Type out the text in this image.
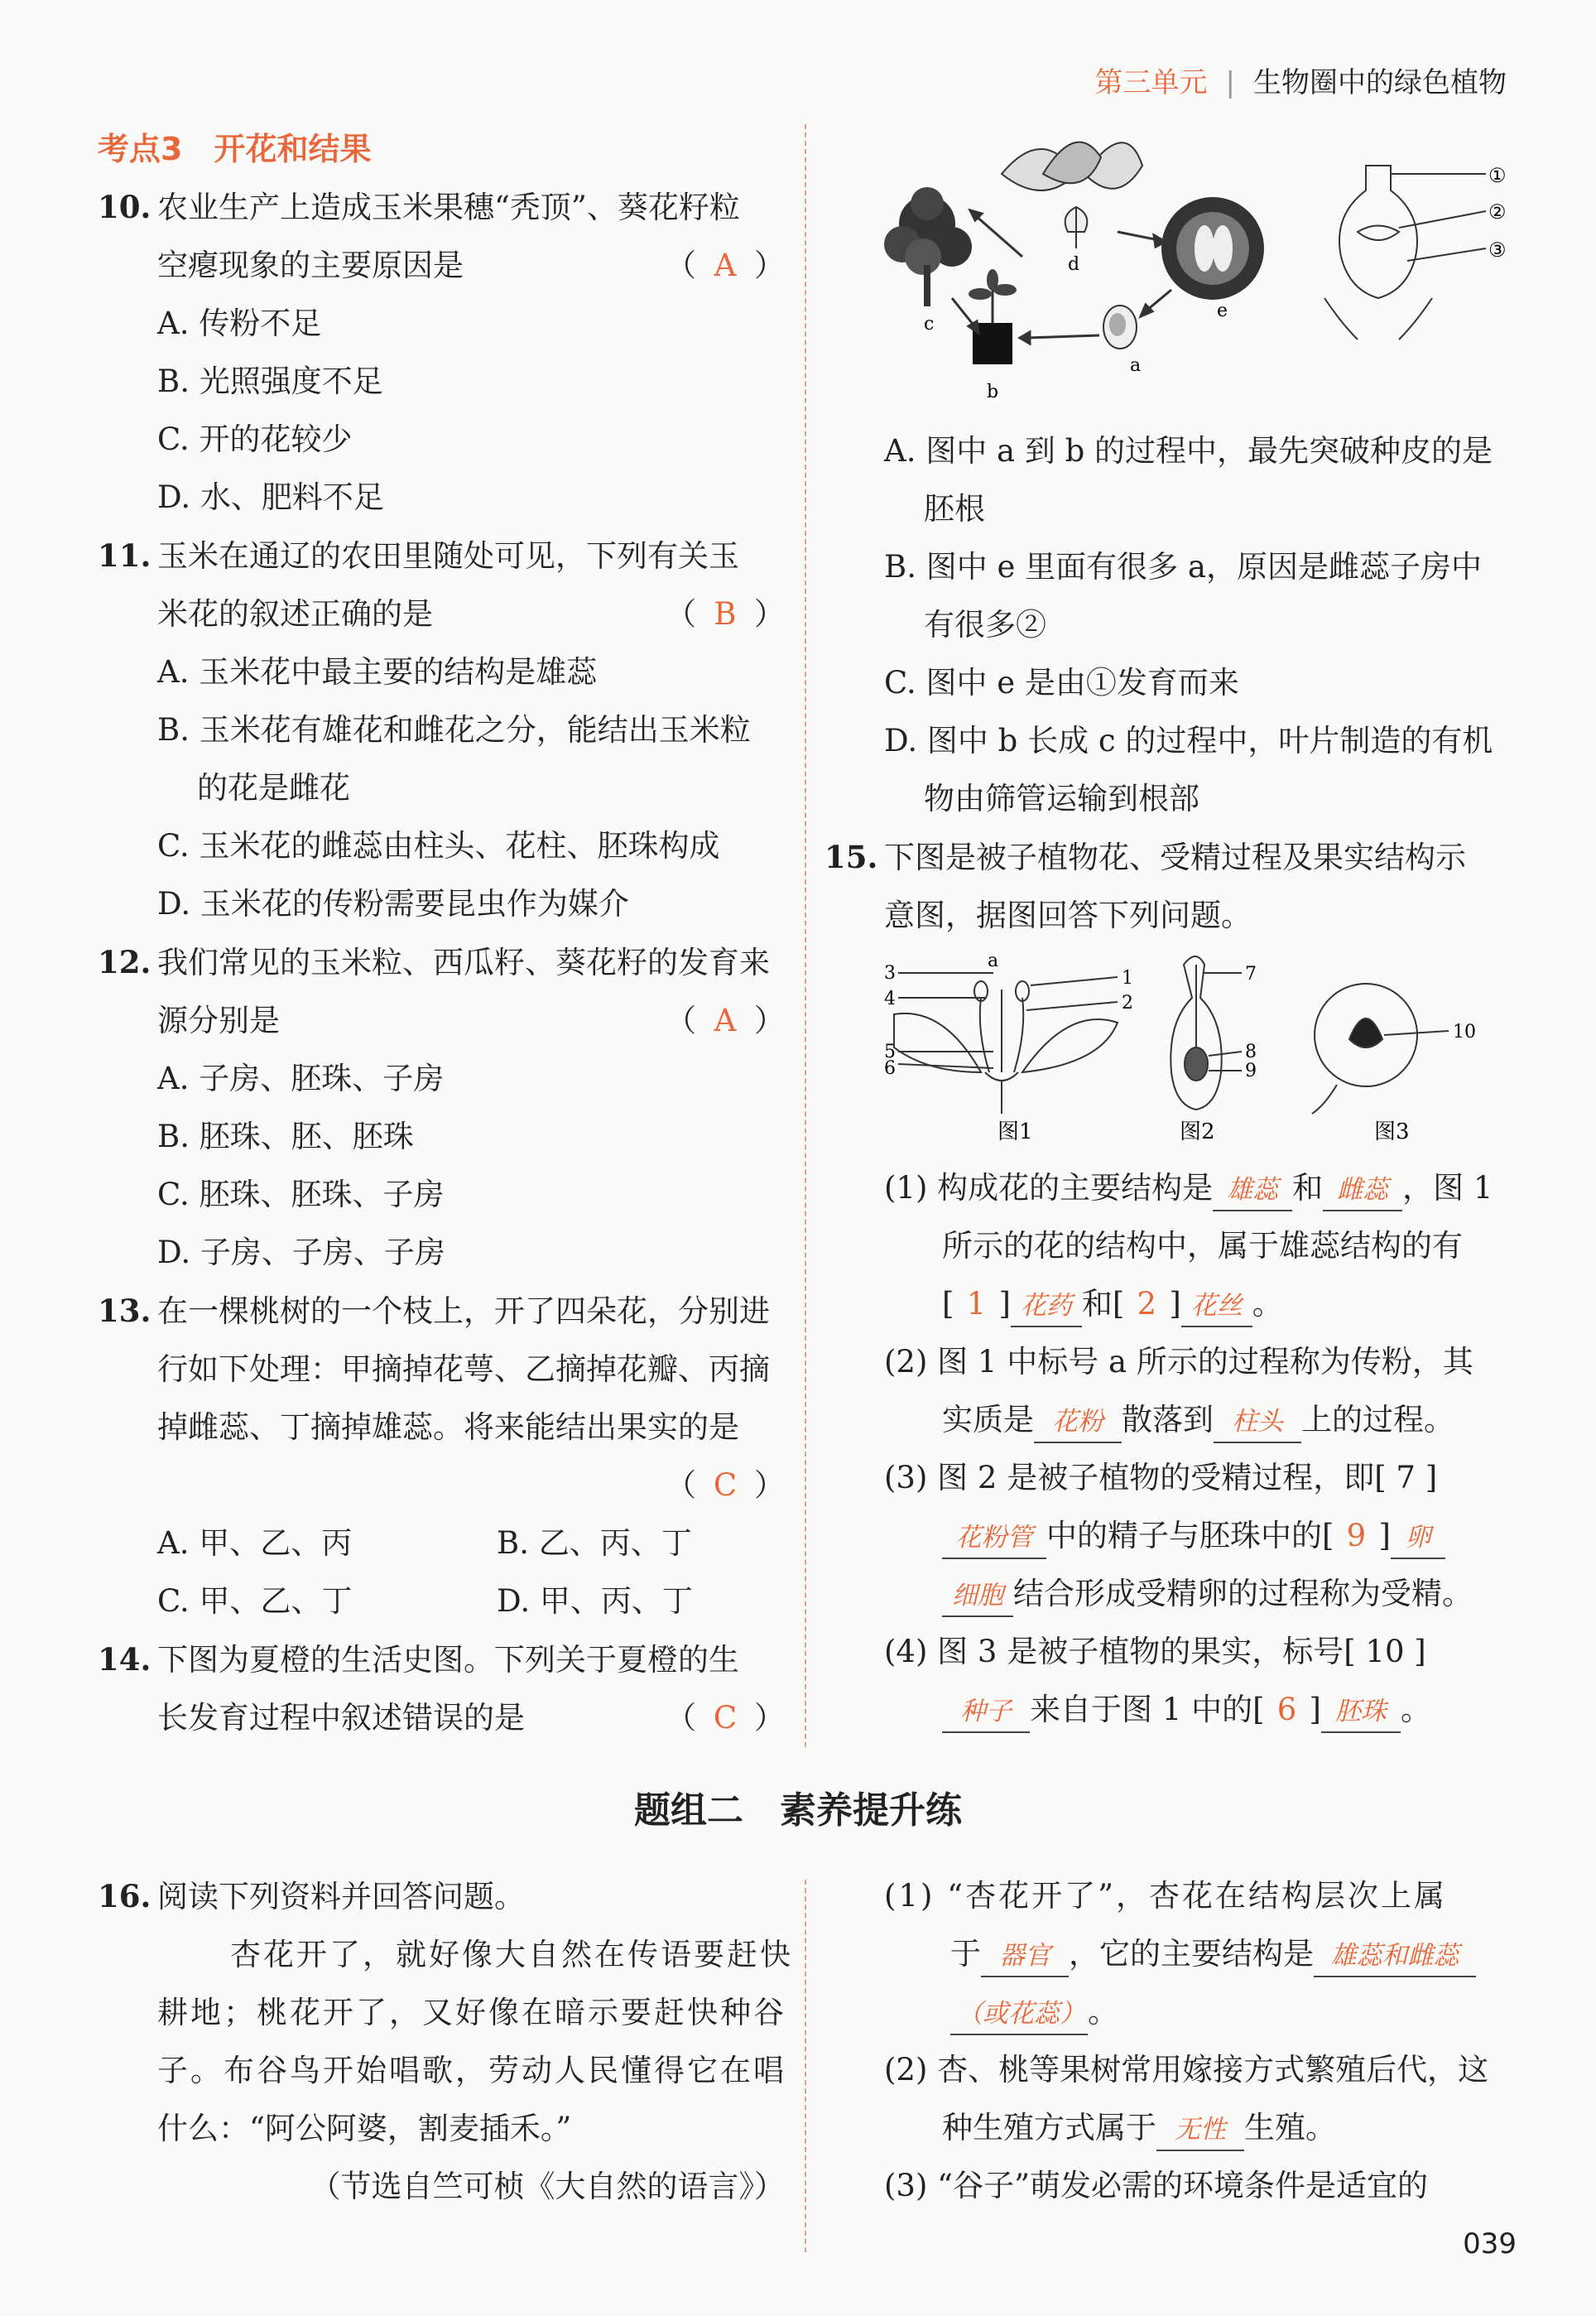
第三单元 | 生物圈中的绿色植物
考点3　开花和结果
10. 农业生产上造成玉米果穗“秃顶”、葵花籽粒
空瘪现象的主要原因是	（ A ）
A. 传粉不足
B. 光照强度不足
C. 开的花较少
D. 水、肥料不足
11. 玉米在通辽的农田里随处可见，下列有关玉
米花的叙述正确的是	（ B ）
A. 玉米花中最主要的结构是雄蕊
B. 玉米花有雄花和雌花之分，能结出玉米粒
的花是雌花
C. 玉米花的雌蕊由柱头、花柱、胚珠构成
D. 玉米花的传粉需要昆虫作为媒介
12. 我们常见的玉米粒、西瓜籽、葵花籽的发育来
源分别是	（ A ）
A. 子房、胚珠、子房
B. 胚珠、胚、胚珠
C. 胚珠、胚珠、子房
D. 子房、子房、子房
13. 在一棵桃树的一个枝上，开了四朵花，分别进
行如下处理：甲摘掉花萼、乙摘掉花瓣、丙摘
掉雌蕊、丁摘掉雄蕊。将来能结出果实的是
（ C ）

A. 甲、乙、丙	B. 乙、丙、丁
C. 甲、乙、丁	D. 甲、丙、丁
14. 下图为夏橙的生活史图。下列关于夏橙的生
长发育过程中叙述错误的是	（ C ）
c
d
b
e
a
①
②
③
A. 图中 a 到 b 的过程中，最先突破种皮的是
胚根
B. 图中 e 里面有很多 a，原因是雌蕊子房中
有很多②
C. 图中 e 是由①发育而来
D. 图中 b 长成 c 的过程中，叶片制造的有机
物由筛管运输到根部
15. 下图是被子植物花、受精过程及果实结构示
意图，据图回答下列问题。
a
1
2
3
4
5
6
图1
7
8
9
图2
10
图3
(1) 构成花的主要结构是 雄蕊 和 雌蕊 ，图 1
所示的花的结构中，属于雄蕊结构的有
[ 1 ] 花药 和[ 2 ] 花丝 。
(2) 图 1 中标号 a 所示的过程称为传粉，其
实质是 花粉 散落到 柱头 上的过程。
(3) 图 2 是被子植物的受精过程，即[ 7 ]
花粉管 中的精子与胚珠中的[ 9 ] 卵
细胞 结合形成受精卵的过程称为受精。
(4) 图 3 是被子植物的果实，标号[ 10 ]
种子 来自于图 1 中的[ 6 ] 胚珠 。
题组二　素养提升练
16. 阅读下列资料并回答问题。
杏花开了，就好像大自然在传语要赶快
耕地；桃花开了，又好像在暗示要赶快种谷
子。布谷鸟开始唱歌，劳动人民懂得它在唱
什么：“阿公阿婆，割麦插禾。”
（节选自竺可桢《大自然的语言》）
(1) “杏花开了”，杏花在结构层次上属
于 器官 ，它的主要结构是 雄蕊和雌蕊
（或花蕊）。
(2) 杏、桃等果树常用嫁接方式繁殖后代，这
种生殖方式属于 无性 生殖。
(3) “谷子”萌发必需的环境条件是适宜的
039
